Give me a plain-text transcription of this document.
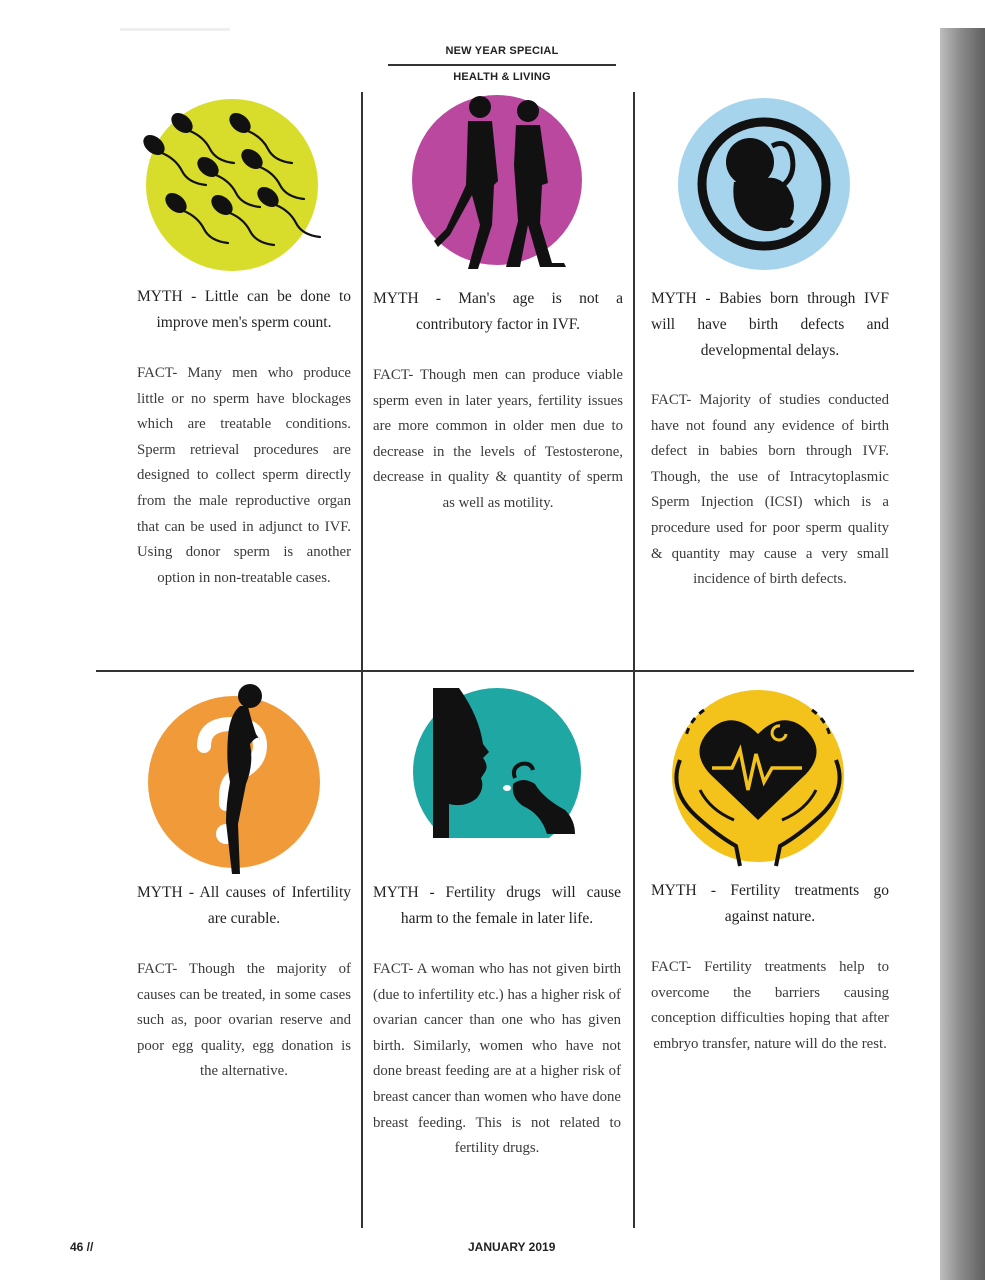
NEW YEAR SPECIAL
HEALTH & LIVING
MYTH - Little can be done to improve men's sperm count.
FACT- Many men who produce little or no sperm have blockages which are treatable conditions. Sperm retrieval procedures are designed to collect sperm directly from the male reproductive organ that can be used in adjunct to IVF. Using donor sperm is another option in non-treatable cases.
MYTH - Man's age is not a contributory factor in IVF.
FACT- Though men can produce viable sperm even in later years, fertility issues are more common in older men due to decrease in the levels of Testosterone, decrease in quality & quantity of sperm as well as motility.
MYTH - Babies born through IVF will have birth defects and developmental delays.
FACT- Majority of studies conducted have not found any evidence of birth defect in babies born through IVF. Though, the use of Intracytoplasmic Sperm Injection (ICSI) which is a procedure used for poor sperm quality & quantity may cause a very small incidence of birth defects.
MYTH - All causes of Infertility are curable.
FACT- Though the majority of causes can be treated, in some cases such as, poor ovarian reserve and poor egg quality, egg donation is the alternative.
MYTH - Fertility drugs will cause harm to the female in later life.
FACT- A woman who has not given birth (due to infertility etc.) has a higher risk of ovarian cancer than one who has given birth. Similarly, women who have not done breast feeding are at a higher risk of breast cancer than women who have done breast feeding. This is not related to fertility drugs.
MYTH - Fertility treatments go against nature.
FACT- Fertility treatments help to overcome the barriers causing conception difficulties hoping that after embryo transfer, nature will do the rest.
46 //	JANUARY 2019
